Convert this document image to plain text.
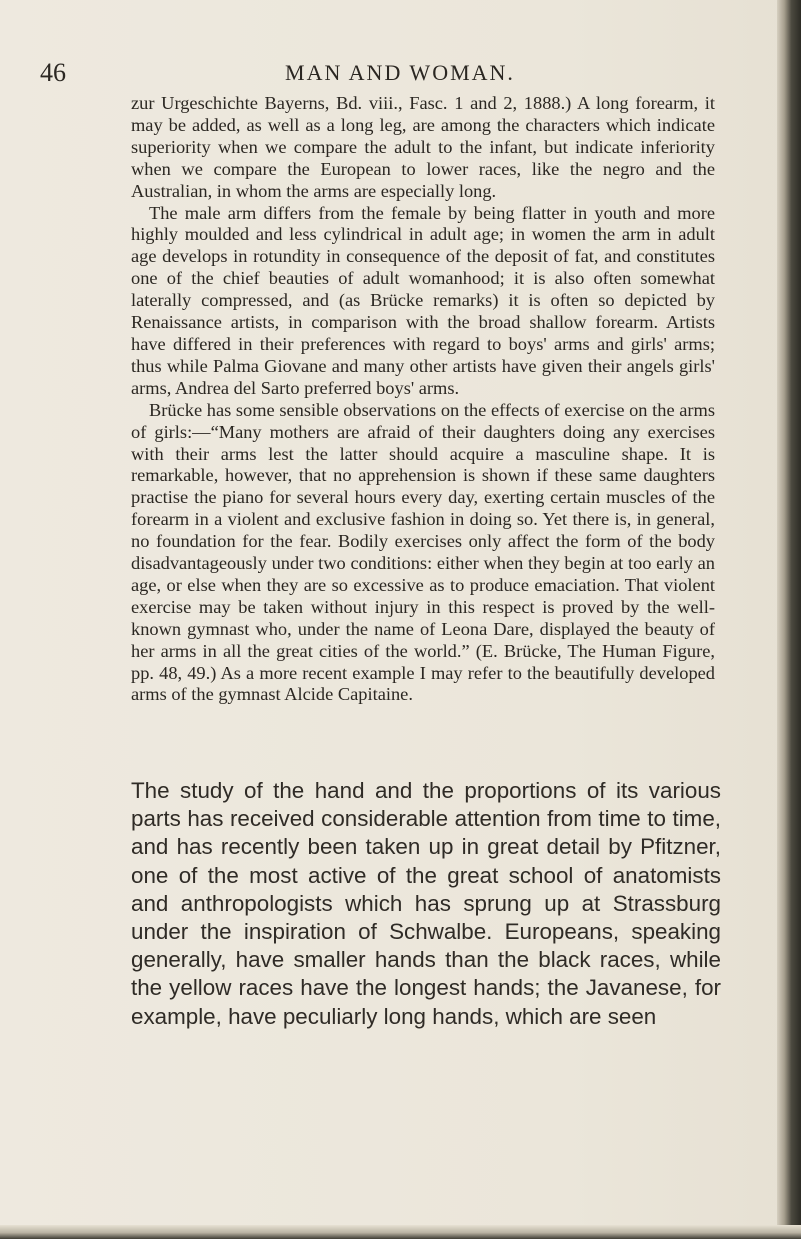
46	MAN AND WOMAN.

zur Urgeschichte Bayerns, Bd. viii., Fasc. 1 and 2, 1888.) A long forearm, it may be added, as well as a long leg, are among the characters which indicate superiority when we compare the adult to the infant, but indicate inferiority when we compare the European to lower races, like the negro and the Australian, in whom the arms are especially long.

The male arm differs from the female by being flatter in youth and more highly moulded and less cylindrical in adult age; in women the arm in adult age develops in rotundity in consequence of the deposit of fat, and constitutes one of the chief beauties of adult womanhood; it is also often somewhat laterally compressed, and (as Brücke remarks) it is often so depicted by Renaissance artists, in comparison with the broad shallow forearm. Artists have differed in their preferences with regard to boys' arms and girls' arms; thus while Palma Giovane and many other artists have given their angels girls' arms, Andrea del Sarto preferred boys' arms.

Brücke has some sensible observations on the effects of exercise on the arms of girls:—“Many mothers are afraid of their daughters doing any exercises with their arms lest the latter should acquire a masculine shape. It is remarkable, however, that no apprehension is shown if these same daughters practise the piano for several hours every day, exerting certain muscles of the forearm in a violent and exclusive fashion in doing so. Yet there is, in general, no foundation for the fear. Bodily exercises only affect the form of the body disadvantageously under two conditions: either when they begin at too early an age, or else when they are so excessive as to produce emaciation. That violent exercise may be taken without injury in this respect is proved by the well-known gymnast who, under the name of Leona Dare, displayed the beauty of her arms in all the great cities of the world.” (E. Brücke, The Human Figure, pp. 48, 49.) As a more recent example I may refer to the beautifully developed arms of the gymnast Alcide Capitaine.

The study of the hand and the proportions of its various parts has received considerable attention from time to time, and has recently been taken up in great detail by Pfitzner, one of the most active of the great school of anatomists and anthropologists which has sprung up at Strassburg under the inspiration of Schwalbe. Europeans, speaking generally, have smaller hands than the black races, while the yellow races have the longest hands; the Javanese, for example, have peculiarly long hands, which are seen
